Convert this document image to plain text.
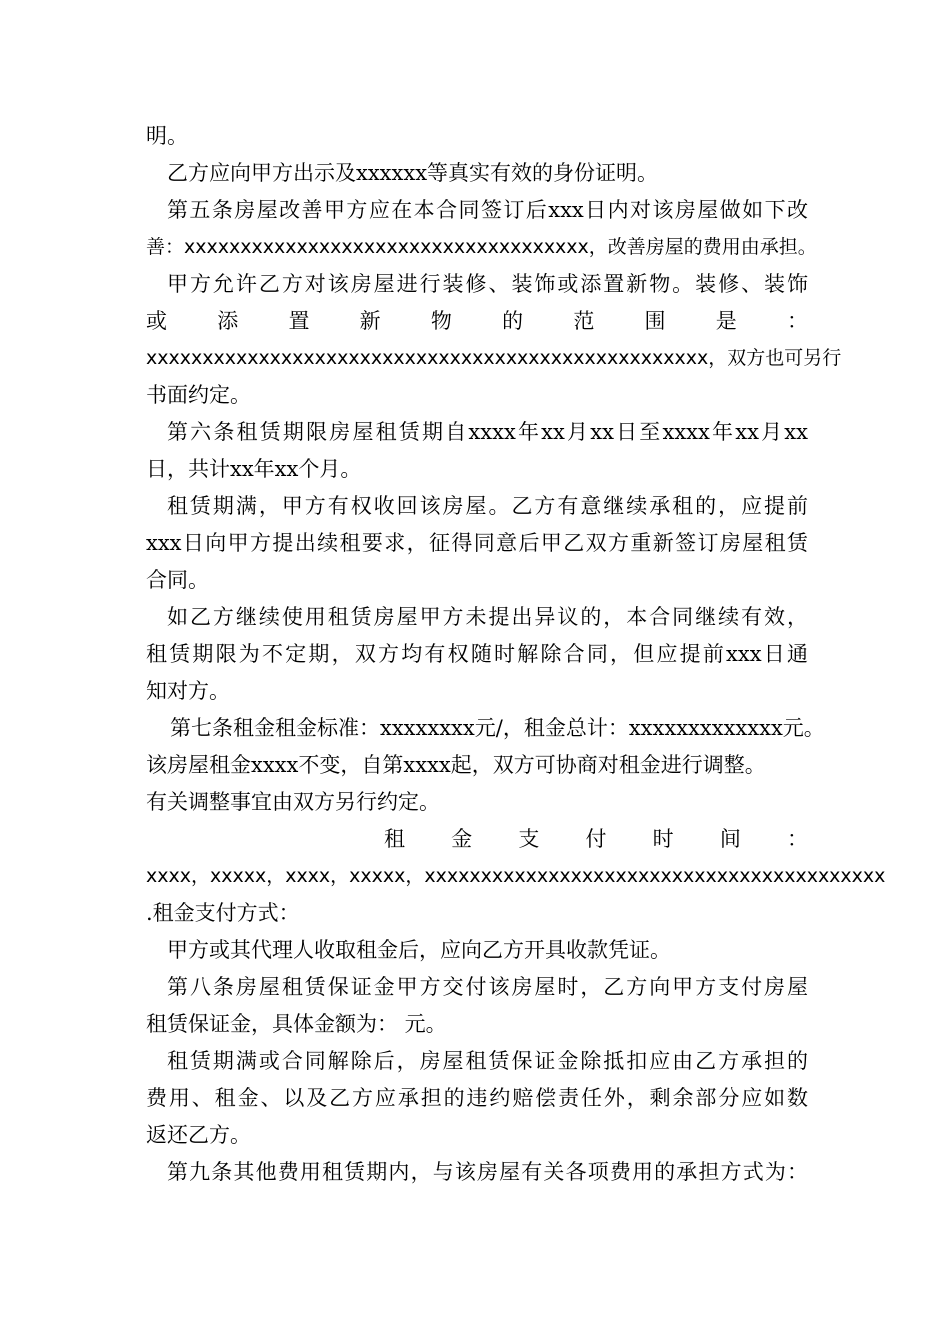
明。
乙方应向甲方出示及xxxxxx等真实有效的身份证明。
第五条房屋改善甲方应在本合同签订后xxx日内对该房屋做如下改
善：xxxxxxxxxxxxxxxxxxxxxxxxxxxxxxxxxxxx，改善房屋的费用由承担。
甲方允许乙方对该房屋进行装修、装饰或添置新物。装修、装饰
或 添 置 新 物 的 范 围 是 ：
xxxxxxxxxxxxxxxxxxxxxxxxxxxxxxxxxxxxxxxxxxxxxxxxxx，双方也可另行
书面约定。
第六条租赁期限房屋租赁期自xxxx年xx月xx日至xxxx年xx月xx
日，共计xx年xx个月。
租赁期满，甲方有权收回该房屋。乙方有意继续承租的，应提前
xxx日向甲方提出续租要求，征得同意后甲乙双方重新签订房屋租赁
合同。
如乙方继续使用租赁房屋甲方未提出异议的，本合同继续有效，
租赁期限为不定期，双方均有权随时解除合同，但应提前xxx日通
知对方。
第七条租金租金标准：xxxxxxxx元/，租金总计：xxxxxxxxxxxxx元。
该房屋租金xxxx不变，自第xxxx起，双方可协商对租金进行调整。
有关调整事宜由双方另行约定。
租 金 支 付 时 间 ：
xxxx，xxxxx，xxxx，xxxxx，xxxxxxxxxxxxxxxxxxxxxxxxxxxxxxxxxxxxxxxxx
.租金支付方式：
甲方或其代理人收取租金后，应向乙方开具收款凭证。
第八条房屋租赁保证金甲方交付该房屋时，乙方向甲方支付房屋
租赁保证金，具体金额为： 元。
租赁期满或合同解除后，房屋租赁保证金除抵扣应由乙方承担的
费用、租金、以及乙方应承担的违约赔偿责任外，剩余部分应如数
返还乙方。
第九条其他费用租赁期内，与该房屋有关各项费用的承担方式为：
